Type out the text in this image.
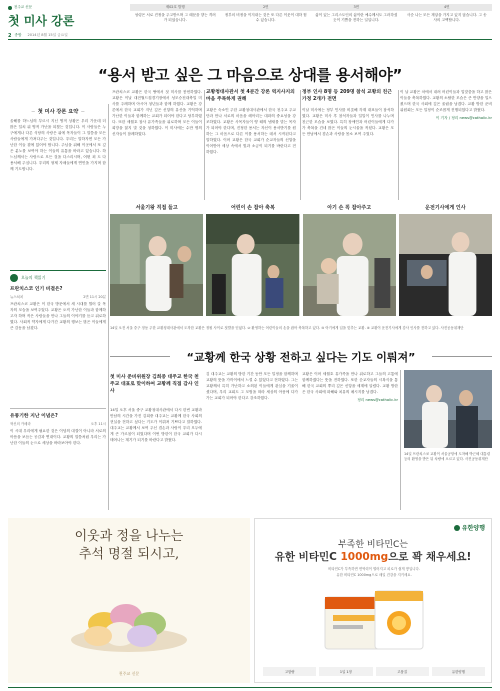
천주교 신문
첫 미사 강론
제02호 발행	2면	3면	4면
성령은 서로 진정을 주고받으며 그 때문을 향는 격려가 되었습니다.
정부의 비정을 이겨내는 것은 또 다른 이웃이 대하 힘 수 있습니다.
삶이 있는 그리스도인의 삶이란 예수께서도 그러하셨듯이 기쁨을 전하는 일입니다.
사순 나는 모든 재앙을 가지고 있지 않습니다. 그 송사의 고백합니다.
2 종합 2014년 8월 15일 금요일
“용서 받고 싶은 그 마음으로 상대를 용서해야”
─ 첫 미사 강론 요약 ─
올해를 하느님의 부르시 지닌 영적 상황은 우리 가운데 더 많은 일치 위 영적 가난을 되찾는 것입니다. 이 사람들은 누구에게나 다른 식당의 사랑은 위에 목자들이 그 말씀을 모든 사람들에게 가져다주는 것입니다. 우리는 말하자면 모든 가난한 이들 곁에 있어야 합니다. 주님을 위해 이곳에서 또 깊은 분노를 보여야 하는 이들의 유통을 바라고 있습니다. 하느님께서는 사랑으로 모든 것을 다스리시며, 어떤 죄 도 다 용서해 주십니다. 우리의 형제 자매들에게 연민을 가지며 함께 기도합니다.
오늘의 책읽기
프란치스코 인기 비결은?
뉴스쳐치	2면 11시 20분
프란치스코 교황은 이 한국 방문에서 새 시대를 열어 갈 목자의 모습을 보여주었다. 교황은 오직 가난한 이들과 함께하고자 하며 작은 사람들을 만나 그들의 이야기를 듣고 위로하였다. 사회적 약자에게 다가간 교황의 행보는 많은 이들에게 큰 감동을 남겼다.
유통기한 지난 이념은?
혁신의 카메라	오후 11시
이 시대 우리에게 필요한 것은 이념의 대결이 아니라 서로의 아픔을 보듬는 공감과 연대이다. 교황의 말씀처럼 우리는 가난한 이들의 눈으로 세상을 바라보아야 한다.
프란치스코 교황은 한국 땅에서 첫 미사를 봉헌하였다. 교황은 이날 대전월드컵경기장에서 성모승천대축일 미사를 주례하며 아시아 청년들과 함께 하였다. 교황은 강론에서 한국 교회가 지닌 깊은 신앙의 유산을 기억하며 가난한 이들과 함께하는 교회가 되어야 한다고 당부하였다. 또한 세월호 참사 유가족들을 위로하며 모든 이들이 희망을 잃지 말 것을 청하였다. 이 미사에는 수만 명의 신자들이 참례하였다.
교황청대사관서 첫 4분간 강론 역지사지의 마음 주목하게 권해
교황은 숙소인 주한 교황청대사관에서 한국 천주교 주교단과 만나 서로의 마음을 헤아리는 대화의 중요성을 강조하였다. 교황은 사목자들이 양 떼의 냄새를 맡는 목자가 되어야 한다며, 진정한 용서는 자신이 용서받기를 원하는 그 마음으로 다른 이를 용서하는 데서 시작된다고 말하였다. 이어 교황은 한국 교회가 순교자들의 신앙을 이어받아 세상 속에서 빛과 소금이 되기를 바란다고 전하였다.
정부 인사 8명 등 209명 참석 교황의 친근 가정 2개가 전면
이날 미사에는 정부 인사를 비롯해 각계 대표들이 참석하였다. 교황은 미사 후 참석자들과 일일이 인사를 나누며 친근한 모습을 보였다. 특히 장애인과 어린이들에게 다가가 축복을 건네 많은 이들의 눈시울을 적셨다. 교황은 모든 만남에서 겸손과 사랑을 몸소 보여 주었다.
이 날 교황은 차에서 내려 어린이들과 입맞춤을 하고 많은 이들을 축복하였다. 교황의 소탈한 모습은 큰 반향을 일으켰으며 한국 사회에 깊은 울림을 남겼다. 교황 방한 준비위원회는 모든 일정이 순조롭게 진행되었다고 밝혔다.
이 기자 / 정리 news@catholic.kr
서울기왕 직접 들고	어린이 손 잡아 축복	아기 손 꼭 잡아주고	운전기사에게 인사
14일 오전 서울 중구 정동 주한 교황청대사관에서 도착한 교황은 정원 사이로 첫발을 딛었다. ② 환영하는 어린이들의 손을 잡아 축복하고 있다. ③ 아기에게 입을 맞추는 교황. ④ 교황이 운전기사에게 감사 인사를 전하고 있다. 사진공동취재단
“교황께 한국 상황 전하고 싶다는 기도 이뤄져”
첫 미사 준비위원장 김희중 대주교 한국 천주교 대표로 맞이하여 교황께 직접 감사 인사
14일 오후 서울 중구 교황청대사관에서 다시 한번 교황과 만남의 시간을 가진 김희중 대주교는 교황께 한국 사회의 현실을 전하고 싶다는 기도가 이뤄져 기쁘다고 말하였다. 대주교는 교황께서 보여 주신 겸손과 사랑이 우리 모두에게 큰 가르침이 되었다며 이번 방한이 한국 교회가 다시 태어나는 계기가 되기를 바란다고 밝혔다.
김 대주교는 교황의 방한 기간 동안 모든 일정을 함께하며 교황의 뜻을 가까이에서 느낄 수 있었다고 전하였다. 그는 교황께서 특히 가난하고 소외된 이들에게 관심을 기울이셨다며, 우리 교회도 그 모범을 따라 세상의 아픔에 다가가는 교회가 되어야 한다고 강조하였다.
교황은 이어 세월호 유가족을 만나 위로하고 그들의 고통에 함께하겠다는 뜻을 전하였다. 또한 순교자들의 시복식을 통해 한국 교회의 뿌리 깊은 신앙을 세계에 알렸다. 교황 방한은 한국 사회에 화해와 치유의 메시지를 남겼다.
정리 news@catholic.kr
14일 프란치스코 교황이 서울공항에 도착해 박근혜 대통령 등의 환영을 받은 뒤 차량에 오르고 있다. 사진공동취재단
이웃과 정을 나누는
추석 명절 되시고,
천주교 신문
유한양행
부족한 비타민C는
유한 비타민C 1000mg으로 꽉 채우세요!
비타민C가 부족하면 면역력이 떨어지고 피로가 쉽게 쌓입니다.
유한 비타민C 1000mg으로 매일 건강을 지키세요.
고함량	1일 1정	고품질	유한양행
